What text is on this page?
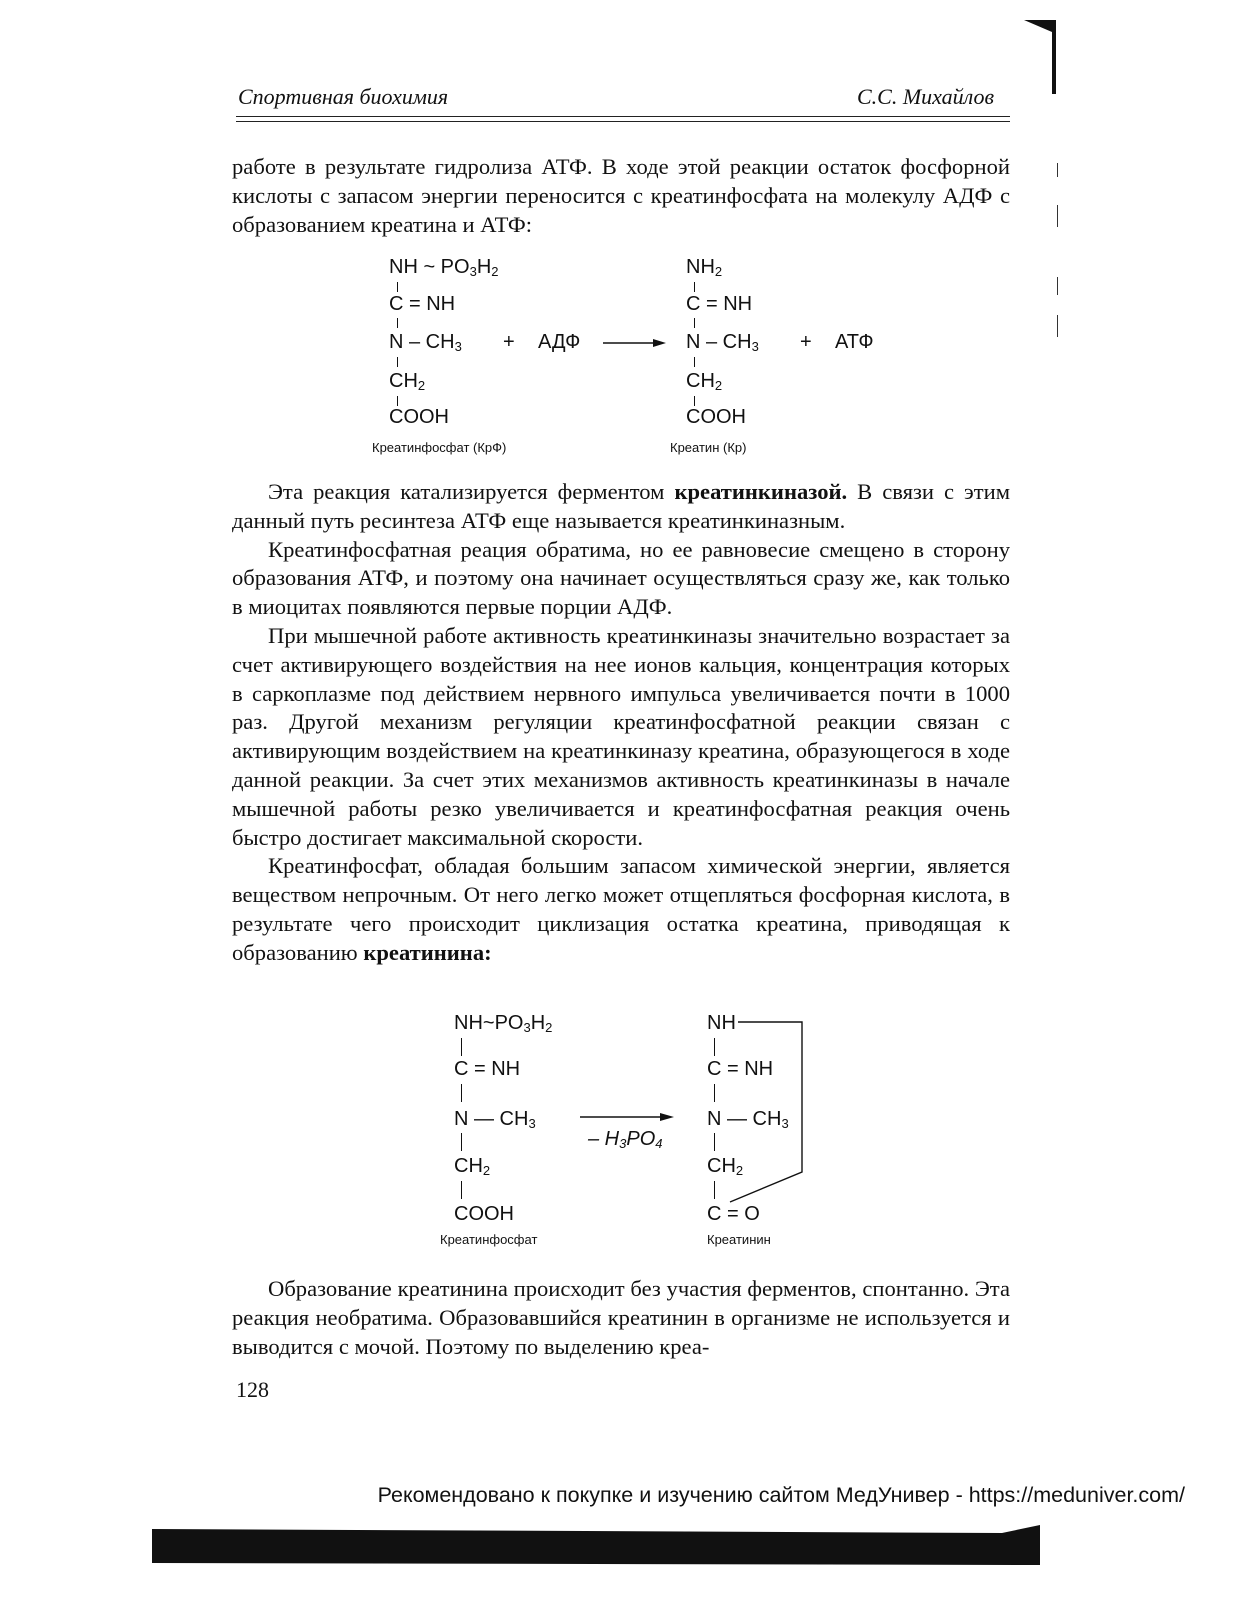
Спортивная биохимия	С.С. Михайлов

работе в результате гидролиза АТФ. В ходе этой реакции остаток фосфорной кислоты с запасом энергии переносится с креатинфосфата на молекулу АДФ с образованием креатина и АТФ:

NH ~ $PO_3H_2$
C = NH
N – $CH_3$
$CH_2$
COOH
Креатинфосфат (КрФ)
+ АДФ →
$NH_2$
C = NH
N – $CH_3$
$CH_2$
COOH
Креатин (Кр)
+ АТФ

Эта реакция катализируется ферментом креатинкиназой. В связи с этим данный путь ресинтеза АТФ еще называется креатинкиназным.

Креатинфосфатная реация обратима, но ее равновесие смещено в сторону образования АТФ, и поэтому она начинает осуществляться сразу же, как только в миоцитах появляются первые порции АДФ.

При мышечной работе активность креатинкиназы значительно возрастает за счет активирующего воздействия на нее ионов кальция, концентрация которых в саркоплазме под действием нервного импульса увеличивается почти в 1000 раз. Другой механизм регуляции креатинфосфатной реакции связан с активирующим воздействием на креатинкиназу креатина, образующегося в ходе данной реакции. За счет этих механизмов активность креатинкиназы в начале мышечной работы резко увеличивается и креатинфосфатная реакция очень быстро достигает максимальной скорости.

Креатинфосфат, обладая большим запасом химической энергии, является веществом непрочным. От него легко может отщепляться фосфорная кислота, в результате чего происходит циклизация остатка креатина, приводящая к образованию креатинина:

$NH\sim PO_3H_2$
C = NH
N — $CH_3$
$CH_2$
COOH
Креатинфосфат
– $H_3PO_4$
NH
C = NH
N — $CH_3$
$CH_2$
C = O
Креатинин

Образование креатинина происходит без участия ферментов, спонтанно. Эта реакция необратима. Образовавшийся креатинин в организме не используется и выводится с мочой. Поэтому по выделению креа-

128
Рекомендовано к покупке и изучению сайтом МедУнивер - https://meduniver.com/
